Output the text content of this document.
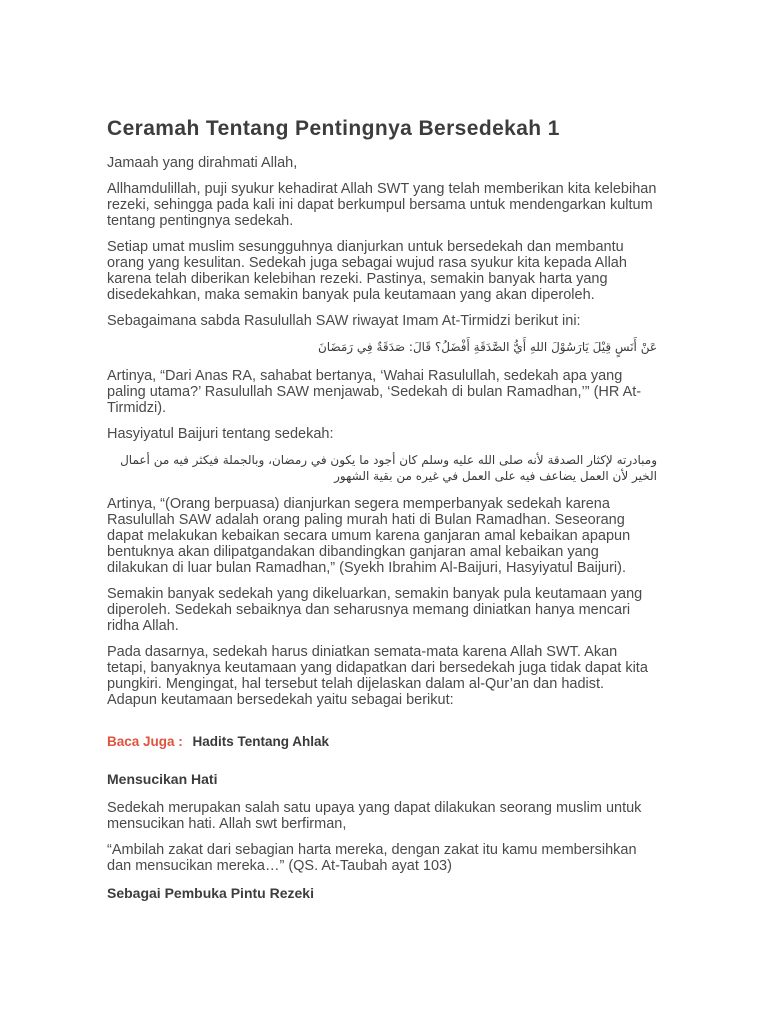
Ceramah Tentang Pentingnya Bersedekah 1

Jamaah yang dirahmati Allah,

Allhamdulillah, puji syukur kehadirat Allah SWT yang telah memberikan kita kelebihan rezeki, sehingga pada kali ini dapat berkumpul bersama untuk mendengarkan kultum tentang pentingnya sedekah.

Setiap umat muslim sesungguhnya dianjurkan untuk bersedekah dan membantu orang yang kesulitan. Sedekah juga sebagai wujud rasa syukur kita kepada Allah karena telah diberikan kelebihan rezeki. Pastinya, semakin banyak harta yang disedekahkan, maka semakin banyak pula keutamaan yang akan diperoleh.

Sebagaimana sabda Rasulullah SAW riwayat Imam At-Tirmidzi berikut ini:

عَنْ أَنَسٍ قِيْلَ يَارَسُوْلَ اللهِ أَيُّ الصَّدَقَةِ أَفْضَلُ؟ قَالَ: صَدَقَةٌ فِي رَمَضَانَ

Artinya, “Dari Anas RA, sahabat bertanya, ‘Wahai Rasulullah, sedekah apa yang paling utama?’ Rasulullah SAW menjawab, ‘Sedekah di bulan Ramadhan,’” (HR At-Tirmidzi).

Hasyiyatul Baijuri tentang sedekah:

ومبادرته لإكثار الصدقة لأنه صلى الله عليه وسلم كان أجود ما يكون في رمضان، وبالجملة فيكثر فيه من أعمال الخير لأن العمل يضاعف فيه على العمل في غيره من بقية الشهور

Artinya, “(Orang berpuasa) dianjurkan segera memperbanyak sedekah karena Rasulullah SAW adalah orang paling murah hati di Bulan Ramadhan. Seseorang dapat melakukan kebaikan secara umum karena ganjaran amal kebaikan apapun bentuknya akan dilipatgandakan dibandingkan ganjaran amal kebaikan yang dilakukan di luar bulan Ramadhan,” (Syekh Ibrahim Al-Baijuri, Hasyiyatul Baijuri).

Semakin banyak sedekah yang dikeluarkan, semakin banyak pula keutamaan yang diperoleh. Sedekah sebaiknya dan seharusnya memang diniatkan hanya mencari ridha Allah.

Pada dasarnya, sedekah harus diniatkan semata-mata karena Allah SWT. Akan tetapi, banyaknya keutamaan yang didapatkan dari bersedekah juga tidak dapat kita pungkiri. Mengingat, hal tersebut telah dijelaskan dalam al-Qur’an dan hadist. Adapun keutamaan bersedekah yaitu sebagai berikut:

Baca Juga : Hadits Tentang Ahlak
Mensucikan Hati

Sedekah merupakan salah satu upaya yang dapat dilakukan seorang muslim untuk mensucikan hati. Allah swt berfirman,

“Ambilah zakat dari sebagian harta mereka, dengan zakat itu kamu membersihkan dan mensucikan mereka…” (QS. At-Taubah ayat 103)

Sebagai Pembuka Pintu Rezeki
